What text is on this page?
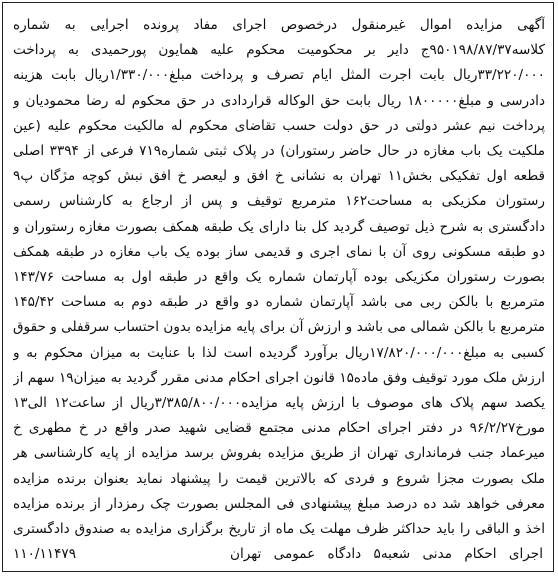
آگهی مزایده اموال غیرمنقول درخصوص اجرای مفاد پرونده اجرایی به شماره کلاسه۹۵۰۱۹۸/۸۷/۳۷ج دایر بر محکومیت محکوم علیه همایون پورحمیدی به پرداخت ۳۳/۲۲۰/۰۰۰ریال بابت اجرت المثل ایام تصرف و پرداخت مبلغ۱/۳۳۰/۰۰۰ریال بابت هزینه دادرسی و مبلغ۱۸۰۰۰۰۰ ریال بابت حق الوکاله قراردادی در حق محکوم له رضا محمودیان و پرداخت نیم عشر دولتی در حق دولت حسب تقاضای محکوم له مالکیت محکوم علیه (عین ملکیت یک باب مغازه در حال حاضر رستوران) در پلاک ثبتی شماره۷۱۹ فرعی از ۳۳۹۴ اصلی قطعه اول تفکیکی بخش۱۱ تهران به نشانی خ افق و لیعصر خ افق نبش کوچه مژگان پ۹ رستوران مکزیکی به مساحت۱۶۲ مترمربع توقیف و پس از ارجاع به کارشناس رسمی دادگستری به شرح ذیل توصیف گردید کل بنا دارای یک طبقه همکف بصورت مغازه رستوران و دو طبقه مسکونی روی آن با نمای اجری و قدیمی ساز بوده یک باب مغازه در طبقه همکف بصورت رستوران مکزیکی بوده آپارتمان شماره یک واقع در طبقه اول به مساحت ۱۴۳/۷۶ مترمربع با بالکن ربی می باشد آپارتمان شماره دو واقع در طبقه دوم به مساحت ۱۴۵/۴۲ مترمربع با بالکن شمالی می باشد و ارزش آن برای پایه مزایده بدون احتساب سرقفلی و حقوق کسبی به مبلغ۱۷/۸۲۰/۰۰۰/۰۰۰ریال برآورد گردیده است لذا با عنایت به میزان محکوم به و ارزش ملک مورد توقیف وفق ماده۱۵ قانون اجرای احکام مدنی مقرر گردید به میزان۱۹ سهم از یکصد سهم پلاک های موصوف با ارزش پایه مزایده۳/۳۸۵/۸۰۰/۰۰۰ریال از ساعت۱۲ الی۱۳ مورخ۹۶/۲/۲۷ در دفتر اجرای احکام مدنی مجتمع قضایی شهید صدر واقع در خ مطهری خ میرعماد جنب فرمانداری تهران از طریق مزایده بفروش برسد مزایده از پایه کارشناسی هر ملک بصورت مجزا شروع و فردی که بالاترین قیمت را پیشنهاد نماید بعنوان برنده مزایده معرفی خواهد شد ده درصد مبلغ پیشنهادی فی المجلس بصورت چک رمزدار از برنده مزایده اخذ و الباقی را باید حداکثر ظرف مهلت یک ماه از تاریخ برگزاری مزایده به صندوق دادگستری

اجرای احکام مدنی شعبه۵ دادگاه عمومی تهران
۱۱۰/۱۱۴۷۹
